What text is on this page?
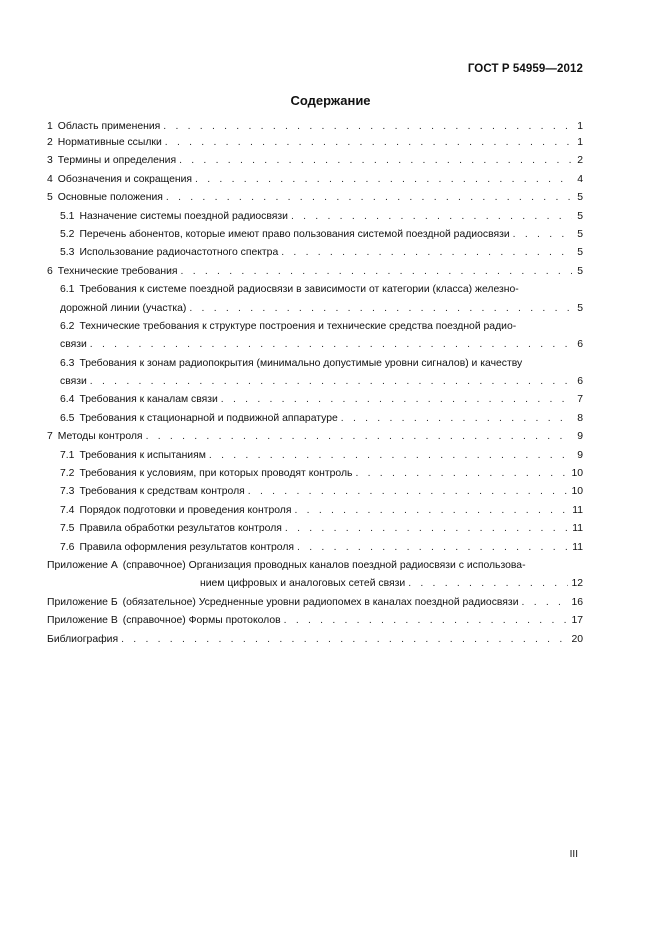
ГОСТ Р 54959—2012
Содержание
1 Область применения . . .	1
2 Нормативные ссылки . . .	1
3 Термины и определения . . .	2
4 Обозначения и сокращения . . .	4
5 Основные положения . . .	5
5.1 Назначение системы поездной радиосвязи . . .	5
5.2 Перечень абонентов, которые имеют право пользования системой поездной радиосвязи . . .	5
5.3 Использование радиочастотного спектра . . .	5
6 Технические требования . . .	5
6.1 Требования к системе поездной радиосвязи в зависимости от категории (класса) железно-
дорожной линии (участка) . . .	5
6.2 Технические требования к структуре построения и технические средства поездной радио-
связи . . .	6
6.3 Требования к зонам радиопокрытия (минимально допустимые уровни сигналов) и качеству
связи . . .	6
6.4 Требования к каналам связи . . .	7
6.5 Требования к стационарной и подвижной аппаратуре . . .	8
7 Методы контроля . . .	9
7.1 Требования к испытаниям . . .	9
7.2 Требования к условиям, при которых проводят контроль . . .	10
7.3 Требования к средствам контроля . . .	10
7.4 Порядок подготовки и проведения контроля . . .	11
7.5 Правила обработки результатов контроля . . .	11
7.6 Правила оформления результатов контроля . . .	11
Приложение А (справочное) Организация проводных каналов поездной радиосвязи с использова-
нием цифровых и аналоговых сетей связи . . .	12
Приложение Б (обязательное) Усредненные уровни радиопомех в каналах поездной радиосвязи . . .	16
Приложение В (справочное) Формы протоколов . . .	17
Библиография . . .	20
III
